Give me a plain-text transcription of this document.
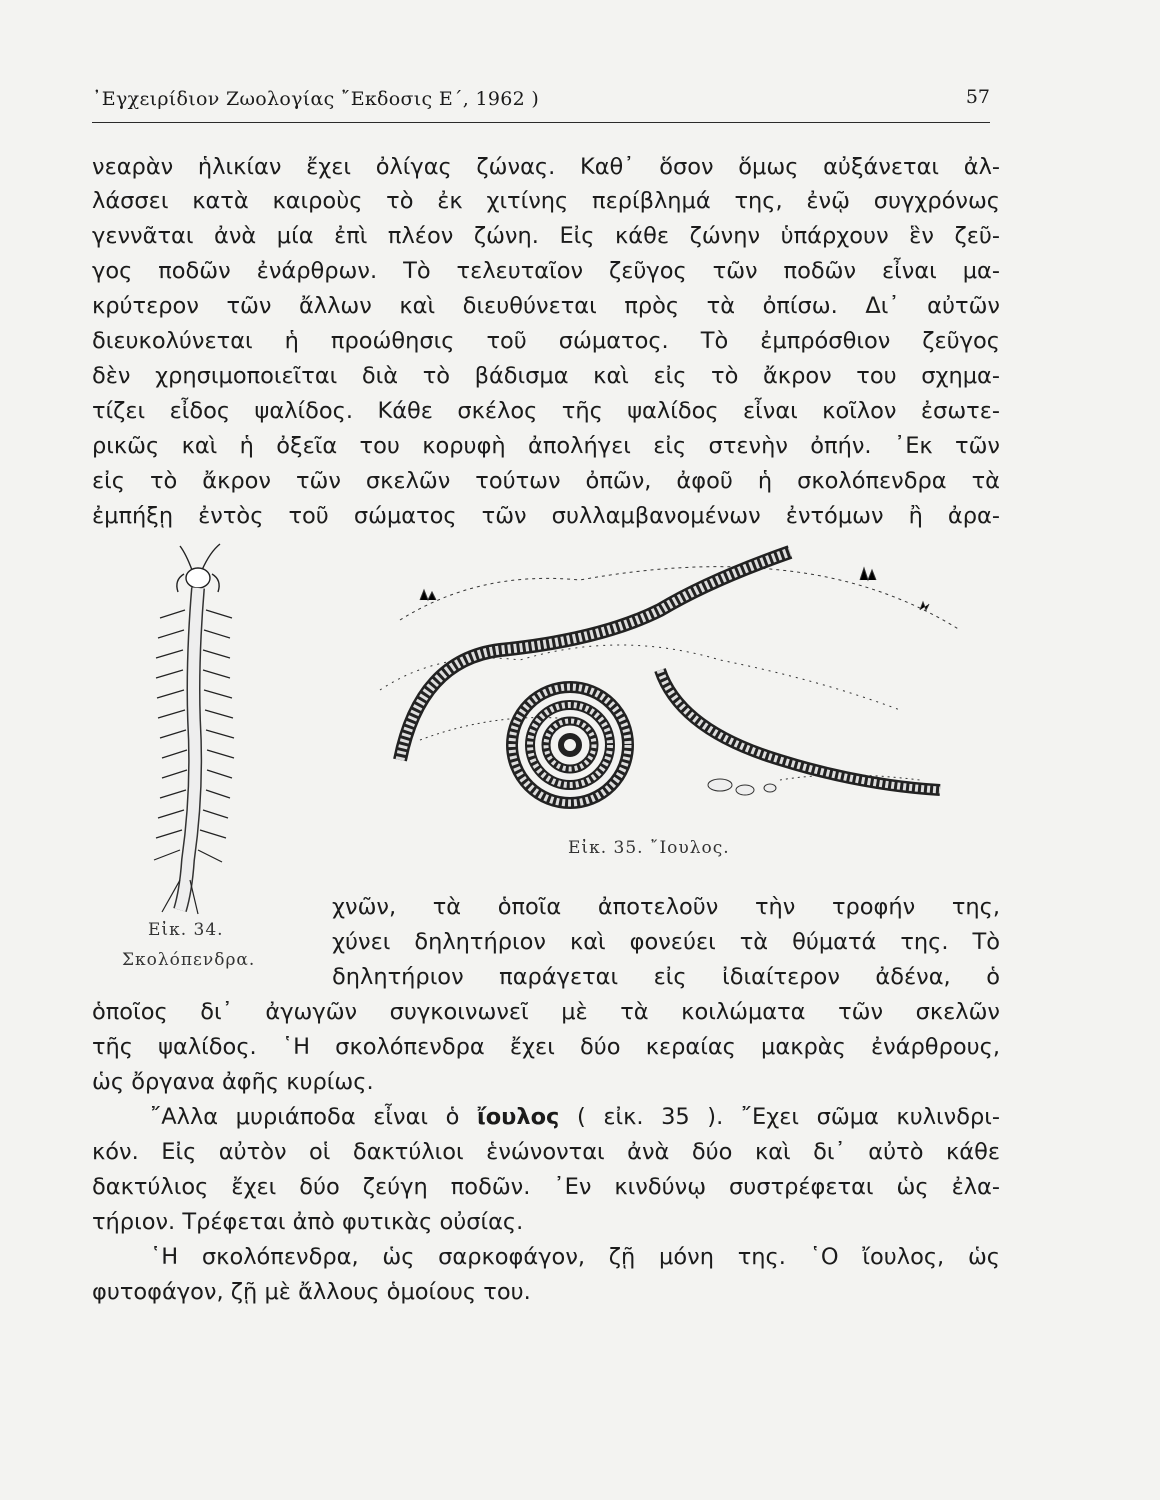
᾿Εγχειρίδιον Ζωολογίας ῎Εκδοσις Ε΄, 1962 )	57
νεαρὰν ἡλικίαν ἔχει ὀλίγας ζώνας. Καθ᾿ ὅσον ὅμως αὐξάνεται ἀλ-
λάσσει κατὰ καιροὺς τὸ ἐκ χιτίνης περίβλημά της, ἐνῷ συγχρόνως
γεννᾶται ἀνὰ μία ἐπὶ πλέον ζώνη. Εἰς κάθε ζώνην ὑπάρχουν ἓν ζεῦ-
γος ποδῶν ἐνάρθρων. Τὸ τελευταῖον ζεῦγος τῶν ποδῶν εἶναι μα-
κρύτερον τῶν ἄλλων καὶ διευθύνεται πρὸς τὰ ὀπίσω. Δι᾿ αὐτῶν
διευκολύνεται ἡ προώθησις τοῦ σώματος. Τὸ ἐμπρόσθιον ζεῦγος
δὲν χρησιμοποιεῖται διὰ τὸ βάδισμα καὶ εἰς τὸ ἄκρον του σχημα-
τίζει εἶδος ψαλίδος. Κάθε σκέλος τῆς ψαλίδος εἶναι κοῖλον ἐσωτε-
ρικῶς καὶ ἡ ὀξεῖα του κορυφὴ ἀπολήγει εἰς στενὴν ὀπήν. ᾿Εκ τῶν
εἰς τὸ ἄκρον τῶν σκελῶν τούτων ὀπῶν, ἀφοῦ ἡ σκολόπενδρα τὰ
ἐμπήξῃ ἐντὸς τοῦ σώματος τῶν συλλαμβανομένων ἐντόμων ἢ ἀρα-
Εἰκ. 34.
Σκολόπενδρα.
Εἰκ. 35. ῎Ιουλος.
χνῶν, τὰ ὁποῖα ἀποτελοῦν τὴν τροφήν της,
χύνει δηλητήριον καὶ φονεύει τὰ θύματά της. Τὸ
δηλητήριον παράγεται εἰς ἰδιαίτερον ἀδένα, ὁ
ὁποῖος δι᾿ ἀγωγῶν συγκοινωνεῖ μὲ τὰ κοιλώματα τῶν σκελῶν
τῆς ψαλίδος. ῾Η σκολόπενδρα ἔχει δύο κεραίας μακρὰς ἐνάρθρους,
ὡς ὄργανα ἀφῆς κυρίως.
῎Αλλα μυριάποδα εἶναι ὁ ἴουλος ( εἰκ. 35 ). ῎Εχει σῶμα κυλινδρι-
κόν. Εἰς αὐτὸν οἱ δακτύλιοι ἑνώνονται ἀνὰ δύο καὶ δι᾿ αὐτὸ κάθε
δακτύλιος ἔχει δύο ζεύγη ποδῶν. ᾿Εν κινδύνῳ συστρέφεται ὡς ἐλα-
τήριον. Τρέφεται ἀπὸ φυτικὰς οὐσίας.
῾Η σκολόπενδρα, ὡς σαρκοφάγον, ζῇ μόνη της. ῾Ο ἴουλος, ὡς
φυτοφάγον, ζῇ μὲ ἄλλους ὁμοίους του.
